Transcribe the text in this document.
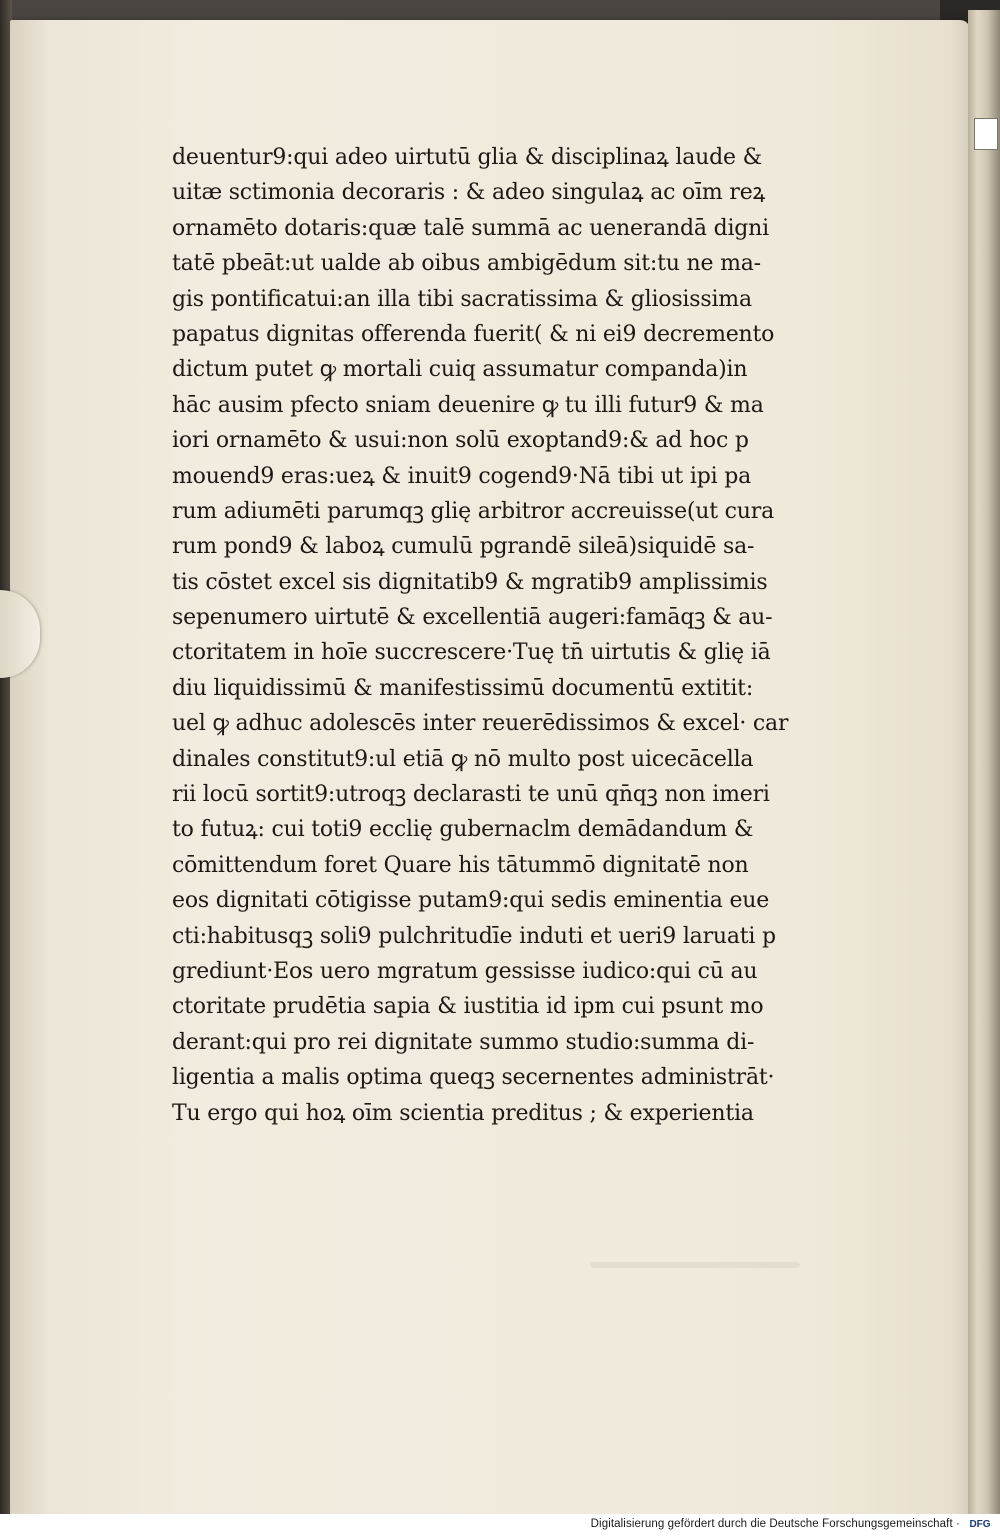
deuentur9:qui adeo uirtutū glia & disciplinaꝝ laude &
uitæ sctimonia decoraris : & adeo singulaꝝ ac oīm reꝝ
ornamēto dotaris:quæ talē summā ac uenerandā digni
tatē pbeāt:ut ualde ab oibus ambigēdum sit:tu ne ma-
gis pontificatui:an illa tibi sacratissima & gliosissima
papatus dignitas offerenda fuerit( & ni ei9 decremento
dictum putet ꝙ mortali cuiq assumatur companda)in
hāc ausim pfecto sniam deuenire ꝙ tu illi futur9 & ma
iori ornamēto & usui:non solū exoptand9:& ad hoc p
mouend9 eras:ueꝝ & inuit9 cogend9·Nā tibi ut ipi pa
rum adiumēti parumqꝫ glię arbitror accreuisse(ut cura
rum pond9 & laboꝝ cumulū pgrandē sileā)siquidē sa-
tis cōstet excel sis dignitatib9 & mgratib9 amplissimis
sepenumero uirtutē & excellentiā augeri:famāqꝫ & au-
ctoritatem in hoīe succrescere·Tuę tn̄ uirtutis & glię iā
diu liquidissimū & manifestissimū documentū extitit:
uel ꝙ adhuc adolescēs inter reuerēdissimos & excel· car
dinales constitut9:ul etiā ꝙ nō multo post uicecācella
rii locū sortit9:utroqꝫ declarasti te unū qn̄qꝫ non imeri
to futuꝝ: cui toti9 ecclię gubernaclm demādandum &
cōmittendum foret Quare his tātummō dignitatē non
eos dignitati cōtigisse putam9:qui sedis eminentia eue
cti:habitusqꝫ soli9 pulchritudīe induti et ueri9 laruati p
grediunt·Eos uero mgratum gessisse iudico:qui cū au
ctoritate prudētia sapia & iustitia id ipm cui psunt mo
derant:qui pro rei dignitate summo studio:summa di-
ligentia a malis optima queqꝫ secernentes administrāt·
Tu ergo qui hoꝝ oīm scientia preditus ; & experientia
Digitalisierung gefördert durch die Deutsche Forschungsgemeinschaft · DFG
